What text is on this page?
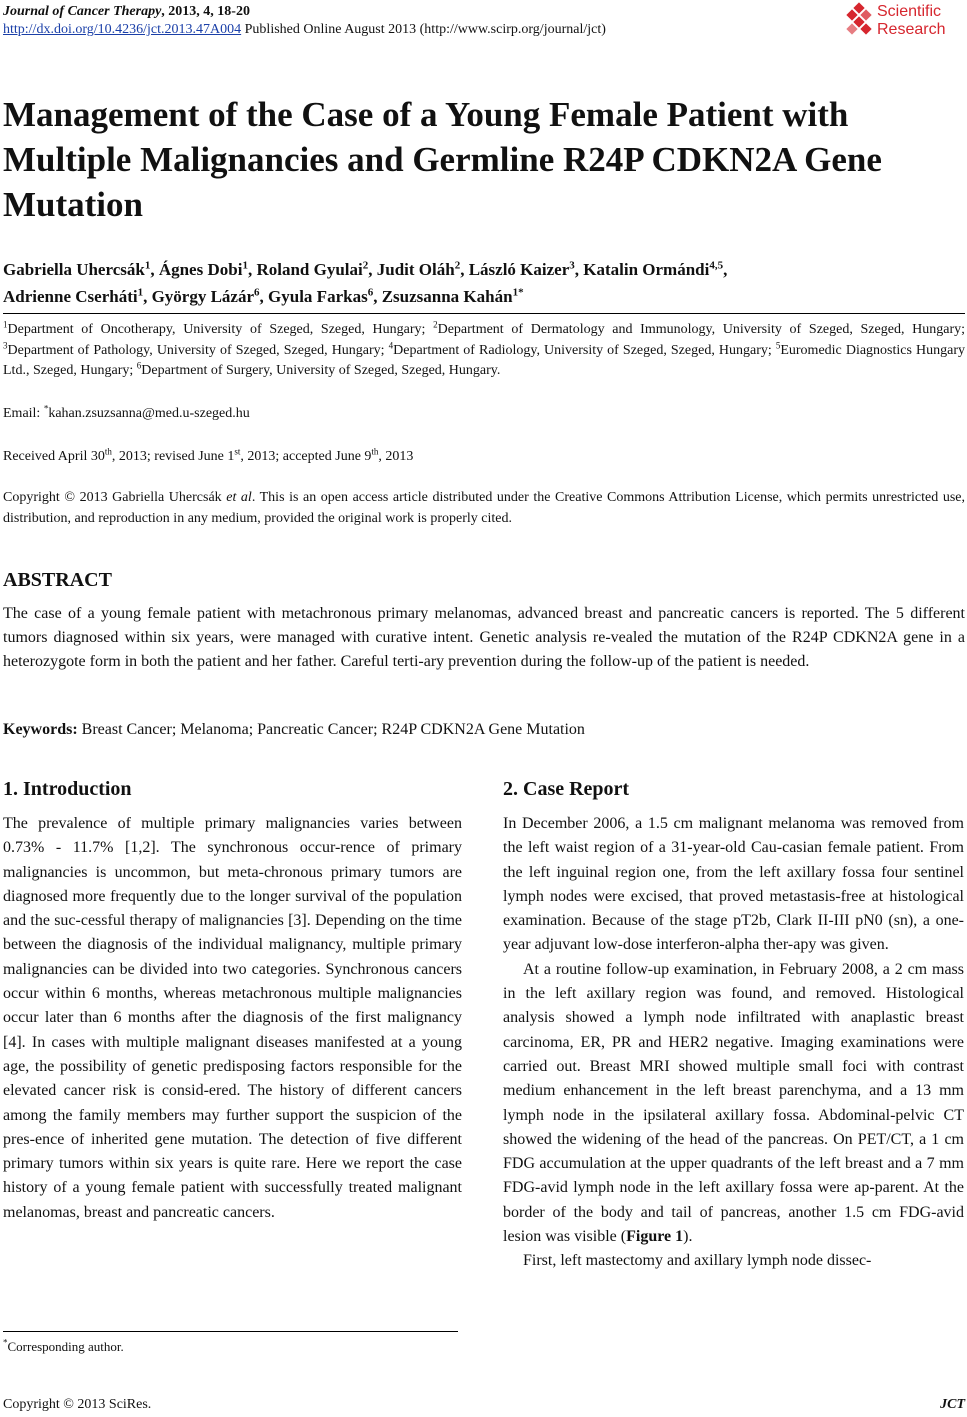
Journal of Cancer Therapy, 2013, 4, 18-20
http://dx.doi.org/10.4236/jct.2013.47A004 Published Online August 2013 (http://www.scirp.org/journal/jct)
Scientific
Research
Management of the Case of a Young Female Patient with Multiple Malignancies and Germline R24P CDKN2A Gene Mutation
Gabriella Uhercsák$^1$, Ágnes Dobi$^1$, Roland Gyulai$^2$, Judit Oláh$^2$, László Kaizer$^3$, Katalin Ormándi$^{4,5}$,
Adrienne Cserháti$^1$, György Lázár$^6$, Gyula Farkas$^6$, Zsuzsanna Kahán$^{1*}$
$^1$Department of Oncotherapy, University of Szeged, Szeged, Hungary; $^2$Department of Dermatology and Immunology, University of Szeged, Szeged, Hungary; $^3$Department of Pathology, University of Szeged, Szeged, Hungary; $^4$Department of Radiology, University of Szeged, Szeged, Hungary; $^5$Euromedic Diagnostics Hungary Ltd., Szeged, Hungary; $^6$Department of Surgery, University of Szeged, Szeged, Hungary.
Email: *kahan.zsuzsanna@med.u-szeged.hu
Received April 30th, 2013; revised June 1st, 2013; accepted June 9th, 2013
Copyright © 2013 Gabriella Uhercsák et al. This is an open access article distributed under the Creative Commons Attribution License, which permits unrestricted use, distribution, and reproduction in any medium, provided the original work is properly cited.
ABSTRACT

The case of a young female patient with metachronous primary melanomas, advanced breast and pancreatic cancers is reported. The 5 different tumors diagnosed within six years, were managed with curative intent. Genetic analysis re-vealed the mutation of the R24P CDKN2A gene in a heterozygote form in both the patient and her father. Careful terti-ary prevention during the follow-up of the patient is needed.

Keywords: Breast Cancer; Melanoma; Pancreatic Cancer; R24P CDKN2A Gene Mutation
1. Introduction

The prevalence of multiple primary malignancies varies between 0.73% - 11.7% [1,2]. The synchronous occur-rence of primary malignancies is uncommon, but meta-chronous primary tumors are diagnosed more frequently due to the longer survival of the population and the suc-cessful therapy of malignancies [3]. Depending on the time between the diagnosis of the individual malignancy, multiple primary malignancies can be divided into two categories. Synchronous cancers occur within 6 months, whereas metachronous multiple malignancies occur later than 6 months after the diagnosis of the first malignancy [4]. In cases with multiple malignant diseases manifested at a young age, the possibility of genetic predisposing factors responsible for the elevated cancer risk is consid-ered. The history of different cancers among the family members may further support the suspicion of the pres-ence of inherited gene mutation. The detection of five different primary tumors within six years is quite rare. Here we report the case history of a young female patient with successfully treated malignant melanomas, breast and pancreatic cancers.

2. Case Report

In December 2006, a 1.5 cm malignant melanoma was removed from the left waist region of a 31-year-old Cau-casian female patient. From the left inguinal region one, from the left axillary fossa four sentinel lymph nodes were excised, that proved metastasis-free at histological examination. Because of the stage pT2b, Clark II-III pN0 (sn), a one-year adjuvant low-dose interferon-alpha ther-apy was given.

At a routine follow-up examination, in February 2008, a 2 cm mass in the left axillary region was found, and removed. Histological analysis showed a lymph node infiltrated with anaplastic breast carcinoma, ER, PR and HER2 negative. Imaging examinations were carried out. Breast MRI showed multiple small foci with contrast medium enhancement in the left breast parenchyma, and a 13 mm lymph node in the ipsilateral axillary fossa. Abdominal-pelvic CT showed the widening of the head of the pancreas. On PET/CT, a 1 cm FDG accumulation at the upper quadrants of the left breast and a 7 mm FDG-avid lymph node in the left axillary fossa were ap-parent. At the border of the body and tail of pancreas, another 1.5 cm FDG-avid lesion was visible (Figure 1).

First, left mastectomy and axillary lymph node dissec-

*Corresponding author.
Copyright © 2013 SciRes.	JCT
